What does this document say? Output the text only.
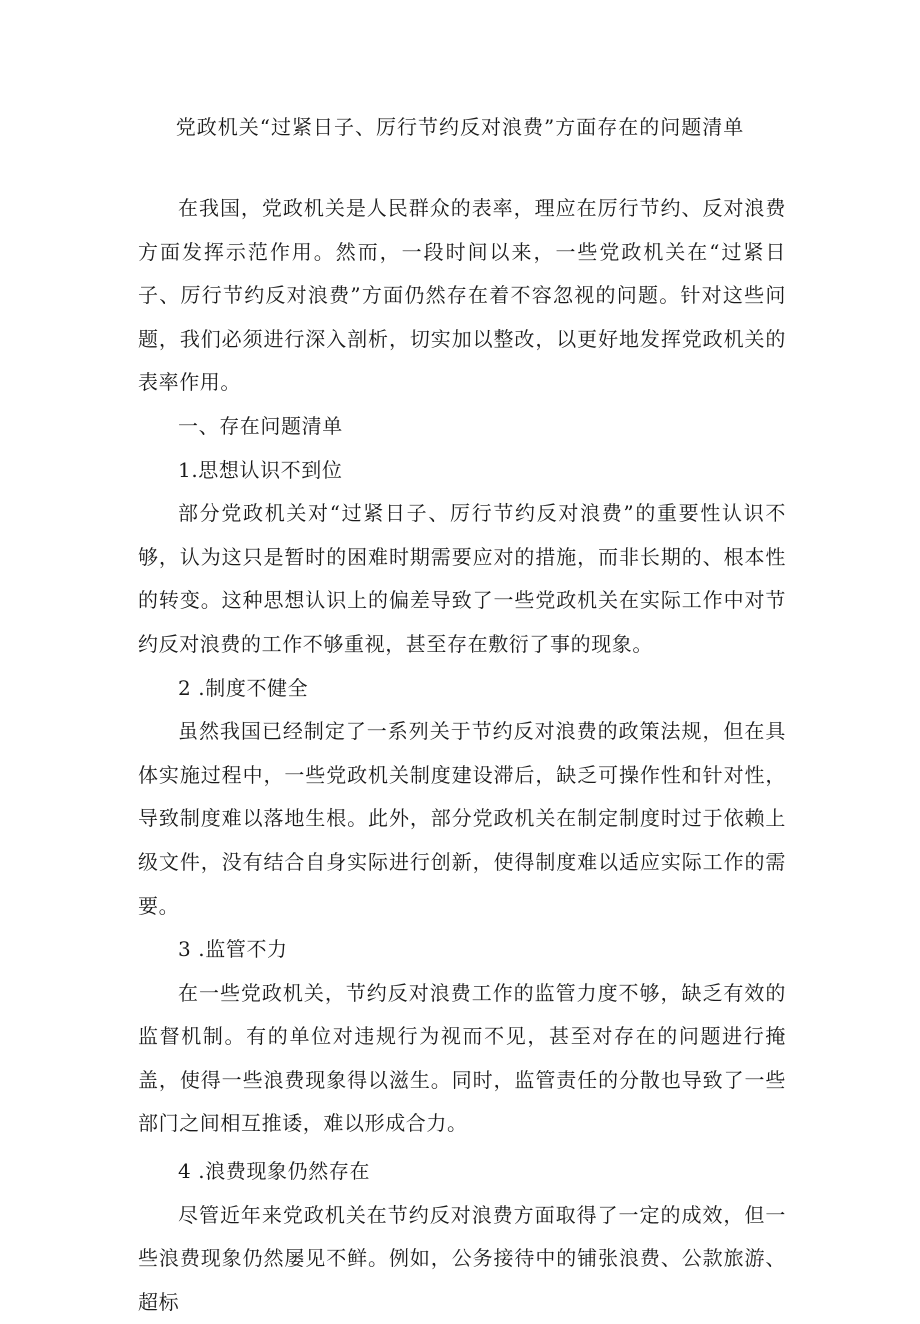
党政机关“过紧日子、厉行节约反对浪费”方面存在的问题清单

在我国，党政机关是人民群众的表率，理应在厉行节约、反对浪费方面发挥示范作用。然而，一段时间以来，一些党政机关在“过紧日子、厉行节约反对浪费”方面仍然存在着不容忽视的问题。针对这些问题，我们必须进行深入剖析，切实加以整改，以更好地发挥党政机关的表率作用。

一、存在问题清单

1.思想认识不到位

部分党政机关对“过紧日子、厉行节约反对浪费”的重要性认识不够，认为这只是暂时的困难时期需要应对的措施，而非长期的、根本性的转变。这种思想认识上的偏差导致了一些党政机关在实际工作中对节约反对浪费的工作不够重视，甚至存在敷衍了事的现象。

2 .制度不健全

虽然我国已经制定了一系列关于节约反对浪费的政策法规，但在具体实施过程中，一些党政机关制度建设滞后，缺乏可操作性和针对性，导致制度难以落地生根。此外，部分党政机关在制定制度时过于依赖上级文件，没有结合自身实际进行创新，使得制度难以适应实际工作的需要。

3 .监管不力

在一些党政机关，节约反对浪费工作的监管力度不够，缺乏有效的监督机制。有的单位对违规行为视而不见，甚至对存在的问题进行掩盖，使得一些浪费现象得以滋生。同时，监管责任的分散也导致了一些部门之间相互推诿，难以形成合力。

4 .浪费现象仍然存在

尽管近年来党政机关在节约反对浪费方面取得了一定的成效，但一些浪费现象仍然屡见不鲜。例如，公务接待中的铺张浪费、公款旅游、超标
